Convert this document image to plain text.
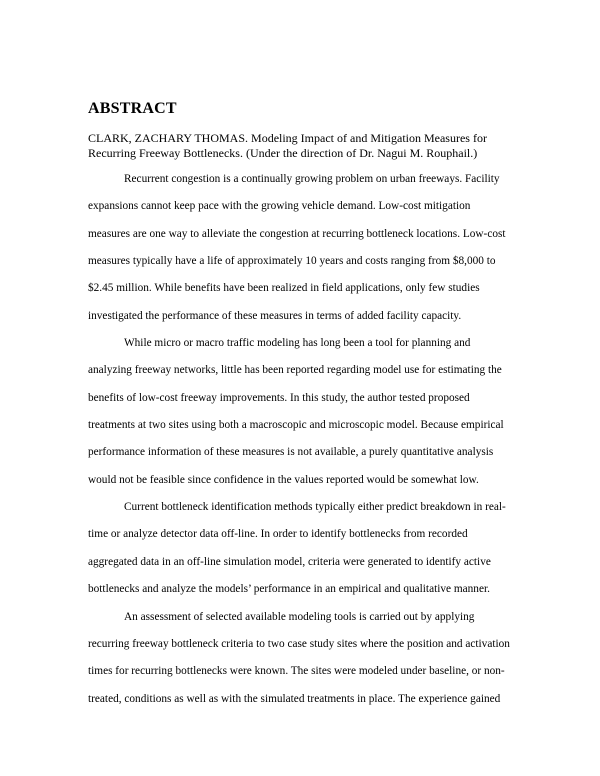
ABSTRACT
CLARK, ZACHARY THOMAS. Modeling Impact of and Mitigation Measures for
Recurring Freeway Bottlenecks. (Under the direction of Dr. Nagui M. Rouphail.)
Recurrent congestion is a continually growing problem on urban freeways. Facility
expansions cannot keep pace with the growing vehicle demand. Low-cost mitigation
measures are one way to alleviate the congestion at recurring bottleneck locations. Low-cost
measures typically have a life of approximately 10 years and costs ranging from $8,000 to
$2.45 million. While benefits have been realized in field applications, only few studies
investigated the performance of these measures in terms of added facility capacity.
While micro or macro traffic modeling has long been a tool for planning and
analyzing freeway networks, little has been reported regarding model use for estimating the
benefits of low-cost freeway improvements. In this study, the author tested proposed
treatments at two sites using both a macroscopic and microscopic model. Because empirical
performance information of these measures is not available, a purely quantitative analysis
would not be feasible since confidence in the values reported would be somewhat low.
Current bottleneck identification methods typically either predict breakdown in real-
time or analyze detector data off-line. In order to identify bottlenecks from recorded
aggregated data in an off-line simulation model, criteria were generated to identify active
bottlenecks and analyze the models’ performance in an empirical and qualitative manner.
An assessment of selected available modeling tools is carried out by applying
recurring freeway bottleneck criteria to two case study sites where the position and activation
times for recurring bottlenecks were known. The sites were modeled under baseline, or non-
treated, conditions as well as with the simulated treatments in place. The experience gained
